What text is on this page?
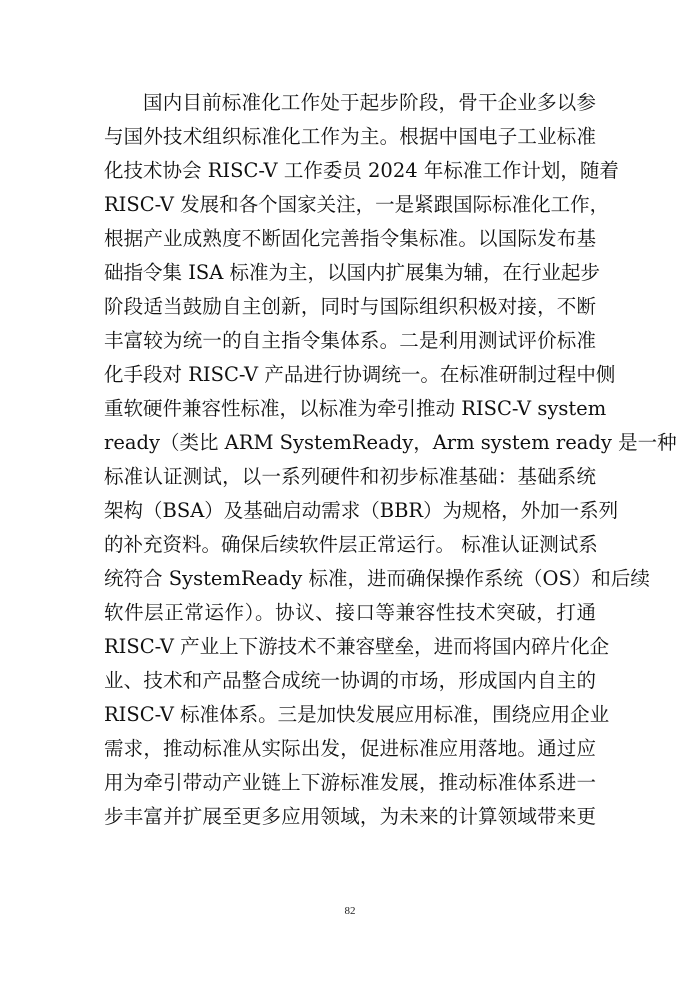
国内目前标准化工作处于起步阶段，骨干企业多以参
与国外技术组织标准化工作为主。根据中国电子工业标准
化技术协会 RISC-V 工作委员 2024 年标准工作计划，随着
RISC-V 发展和各个国家关注，一是紧跟国际标准化工作，
根据产业成熟度不断固化完善指令集标准。以国际发布基
础指令集 ISA 标准为主，以国内扩展集为辅，在行业起步
阶段适当鼓励自主创新，同时与国际组织积极对接，不断
丰富较为统一的自主指令集体系。二是利用测试评价标准
化手段对 RISC-V 产品进行协调统一。在标准研制过程中侧
重软硬件兼容性标准，以标准为牵引推动 RISC-V system
ready（类比 ARM SystemReady，Arm system ready 是一种
标准认证测试，以一系列硬件和初步标准基础：基础系统
架构（BSA）及基础启动需求（BBR）为规格，外加一系列
的补充资料。确保后续软件层正常运行。 标准认证测试系
统符合 SystemReady 标准，进而确保操作系统（OS）和后续
软件层正常运作）。协议、接口等兼容性技术突破，打通
RISC-V 产业上下游技术不兼容壁垒，进而将国内碎片化企
业、技术和产品整合成统一协调的市场，形成国内自主的
RISC-V 标准体系。三是加快发展应用标准，围绕应用企业
需求，推动标准从实际出发，促进标准应用落地。通过应
用为牵引带动产业链上下游标准发展，推动标准体系进一
步丰富并扩展至更多应用领域，为未来的计算领域带来更
82
